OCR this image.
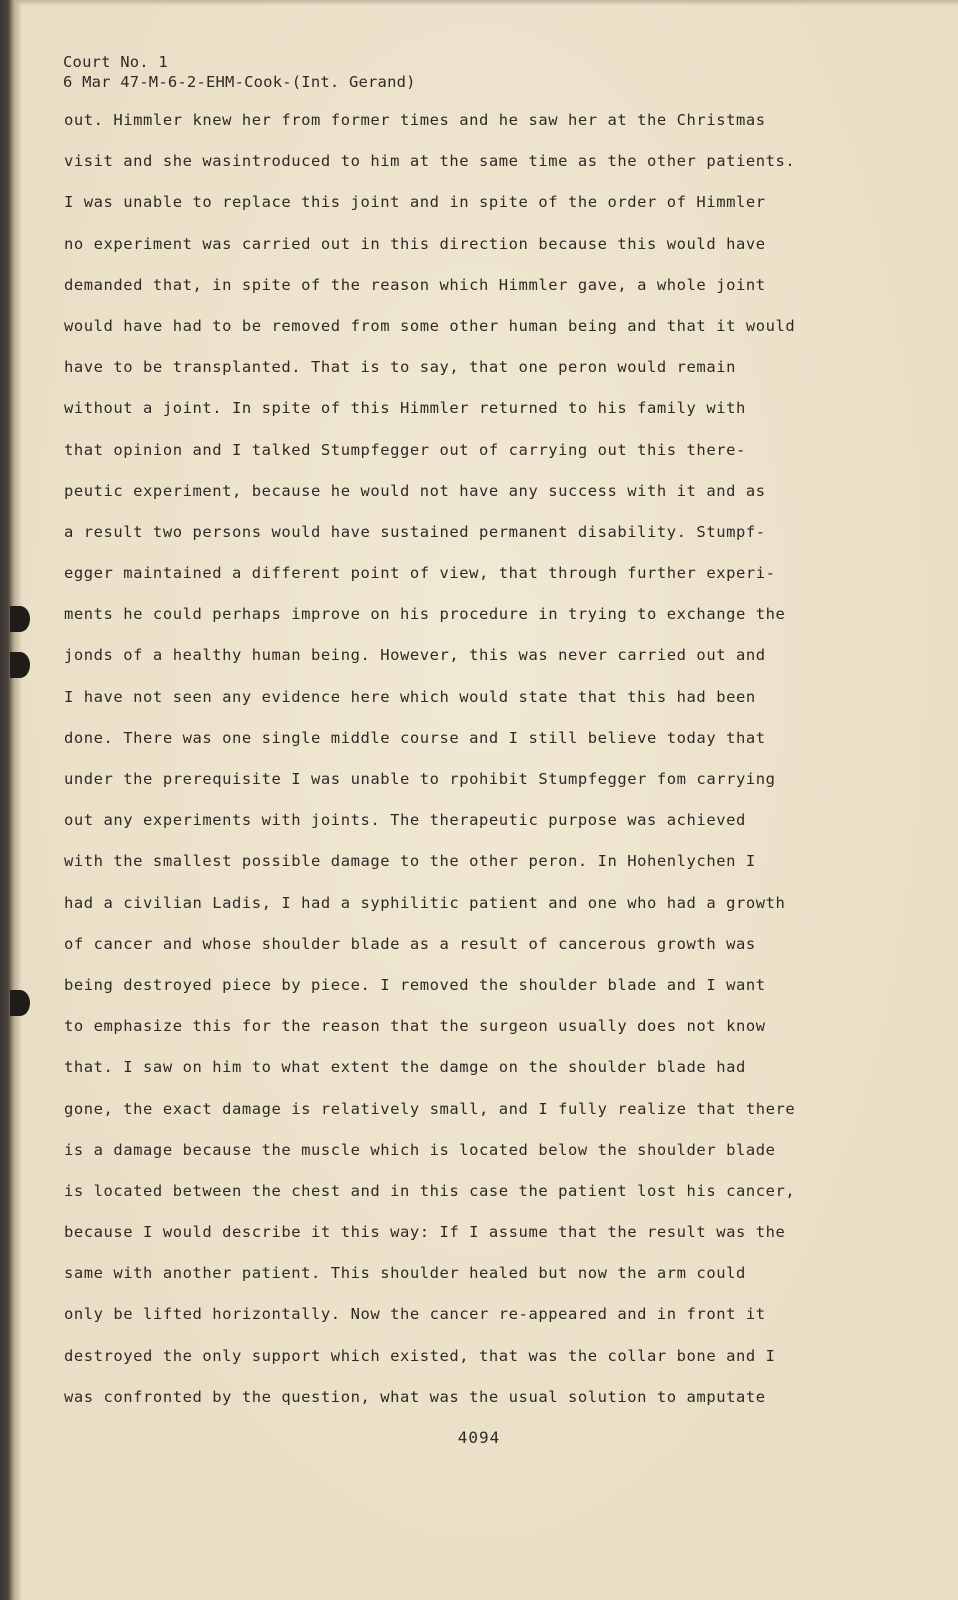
Court No. 1
6 Mar 47-M-6-2-EHM-Cook-(Int. Gerand)
out. Himmler knew her from former times and he saw her at the Christmas
visit and she wasintroduced to him at the same time as the other patients.
I was unable to replace this joint and in spite of the order of Himmler
no experiment was carried out in this direction because this would have
demanded that, in spite of the reason which Himmler gave, a whole joint
would have had to be removed from some other human being and that it would
have to be transplanted. That is to say, that one peron would remain
without a joint. In spite of this Himmler returned to his family with
that opinion and I talked Stumpfegger out of carrying out this there-
peutic experiment, because he would not have any success with it and as
a result two persons would have sustained permanent disability. Stumpf-
egger maintained a different point of view, that through further experi-
ments he could perhaps improve on his procedure in trying to exchange the
jonds of a healthy human being. However, this was never carried out and
I have not seen any evidence here which would state that this had been
done. There was one single middle course and I still believe today that
under the prerequisite I was unable to rpohibit Stumpfegger fom carrying
out any experiments with joints. The therapeutic purpose was achieved
with the smallest possible damage to the other peron. In Hohenlychen I
had a civilian Ladis, I had a syphilitic patient and one who had a growth
of cancer and whose shoulder blade as a result of cancerous growth was
being destroyed piece by piece. I removed the shoulder blade and I want
to emphasize this for the reason that the surgeon usually does not know
that. I saw on him to what extent the damge on the shoulder blade had
gone, the exact damage is relatively small, and I fully realize that there
is a damage because the muscle which is located below the shoulder blade
is located between the chest and in this case the patient lost his cancer,
because I would describe it this way: If I assume that the result was the
same with another patient. This shoulder healed but now the arm could
only be lifted horizontally. Now the cancer re-appeared and in front it
destroyed the only support which existed, that was the collar bone and I
was confronted by the question, what was the usual solution to amputate
4094
